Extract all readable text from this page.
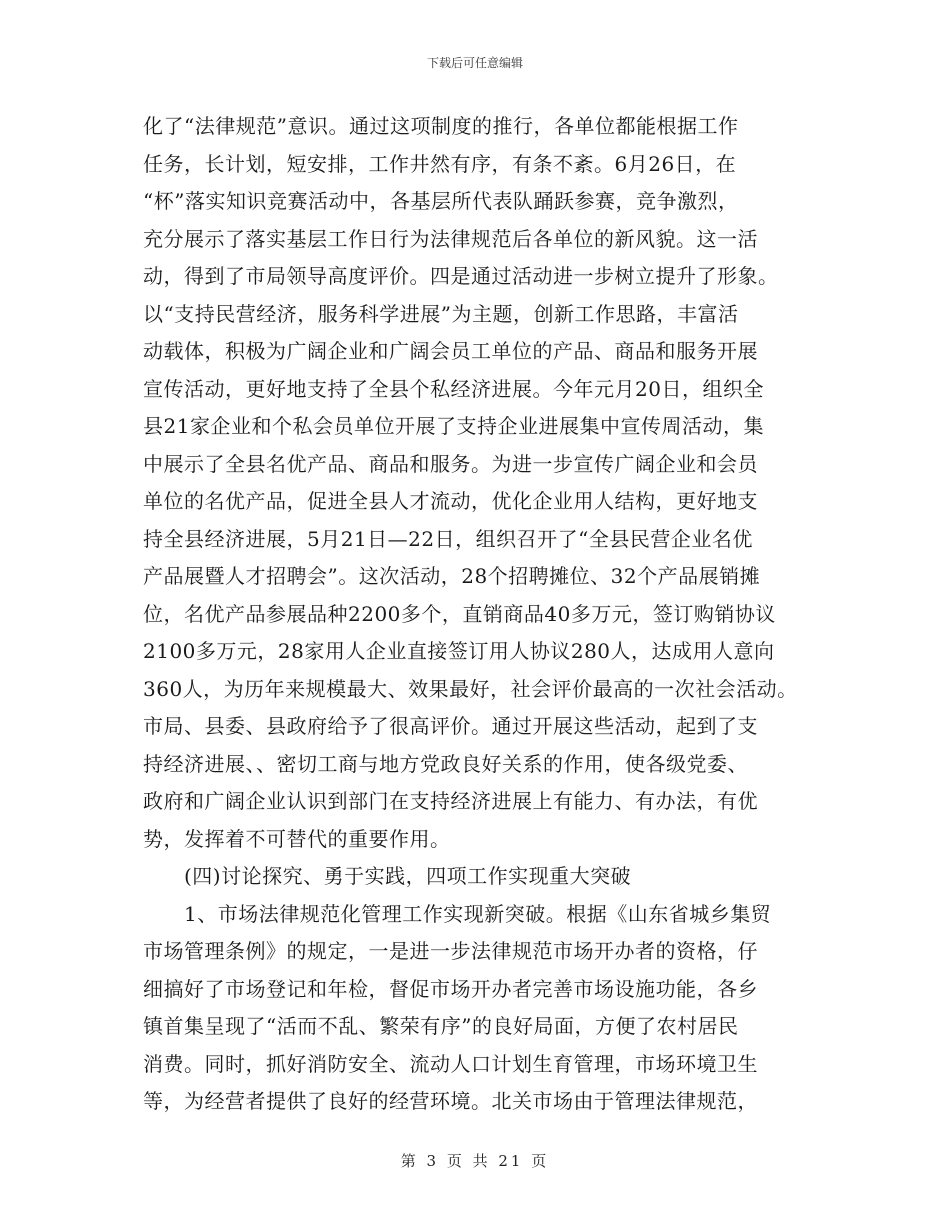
下载后可任意编辑
化了“法律规范”意识。通过这项制度的推行，各单位都能根据工作
任务，长计划，短安排，工作井然有序，有条不紊。6月26日，在
“杯”落实知识竞赛活动中，各基层所代表队踊跃参赛，竞争激烈，
充分展示了落实基层工作日行为法律规范后各单位的新风貌。这一活
动，得到了市局领导高度评价。四是通过活动进一步树立提升了形象。
以“支持民营经济，服务科学进展”为主题，创新工作思路，丰富活
动载体，积极为广阔企业和广阔会员工单位的产品、商品和服务开展
宣传活动，更好地支持了全县个私经济进展。今年元月20日，组织全
县21家企业和个私会员单位开展了支持企业进展集中宣传周活动，集
中展示了全县名优产品、商品和服务。为进一步宣传广阔企业和会员
单位的名优产品，促进全县人才流动，优化企业用人结构，更好地支
持全县经济进展，5月21日—22日，组织召开了“全县民营企业名优
产品展暨人才招聘会”。这次活动，28个招聘摊位、32个产品展销摊
位，名优产品参展品种2200多个，直销商品40多万元，签订购销协议
2100多万元，28家用人企业直接签订用人协议280人，达成用人意向
360人，为历年来规模最大、效果最好，社会评价最高的一次社会活动。
市局、县委、县政府给予了很高评价。通过开展这些活动，起到了支
持经济进展、、密切工商与地方党政良好关系的作用，使各级党委、
政府和广阔企业认识到部门在支持经济进展上有能力、有办法，有优
势，发挥着不可替代的重要作用。
　　(四)讨论探究、勇于实践，四项工作实现重大突破
　　1、市场法律规范化管理工作实现新突破。根据《山东省城乡集贸
市场管理条例》的规定，一是进一步法律规范市场开办者的资格，仔
细搞好了市场登记和年检，督促市场开办者完善市场设施功能，各乡
镇首集呈现了“活而不乱、繁荣有序”的良好局面，方便了农村居民
消费。同时，抓好消防安全、流动人口计划生育管理，市场环境卫生
等，为经营者提供了良好的经营环境。北关市场由于管理法律规范，
第 3 页 共 21 页
